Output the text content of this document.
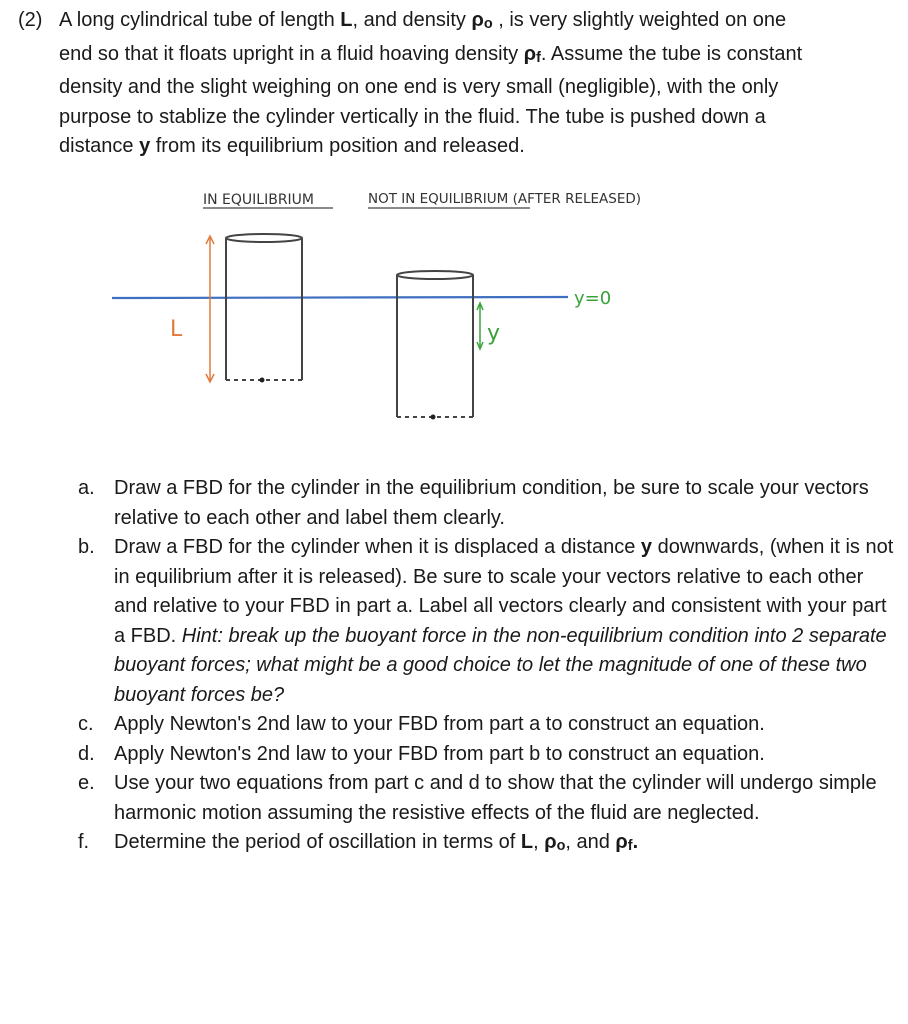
(2) A long cylindrical tube of length L, and density ρo , is very slightly weighted on one end so that it floats upright in a fluid hoaving density ρf. Assume the tube is constant density and the slight weighing on one end is very small (negligible), with the only purpose to stablize the cylinder vertically in the fluid. The tube is pushed down a distance y from its equilibrium position and released.
IN EQUILIBRIUM	NOT IN EQUILIBRIUM (AFTER RELEASED)
L	y
y=0
a. Draw a FBD for the cylinder in the equilibrium condition, be sure to scale your vectors relative to each other and label them clearly.
b. Draw a FBD for the cylinder when it is displaced a distance y downwards, (when it is not in equilibrium after it is released). Be sure to scale your vectors relative to each other and relative to your FBD in part a. Label all vectors clearly and consistent with your part a FBD. Hint: break up the buoyant force in the non-equilibrium condition into 2 separate buoyant forces; what might be a good choice to let the magnitude of one of these two buoyant forces be?
c. Apply Newton's 2nd law to your FBD from part a to construct an equation.
d. Apply Newton's 2nd law to your FBD from part b to construct an equation.
e. Use your two equations from part c and d to show that the cylinder will undergo simple harmonic motion assuming the resistive effects of the fluid are neglected.
f. Determine the period of oscillation in terms of L, ρo, and ρf.
